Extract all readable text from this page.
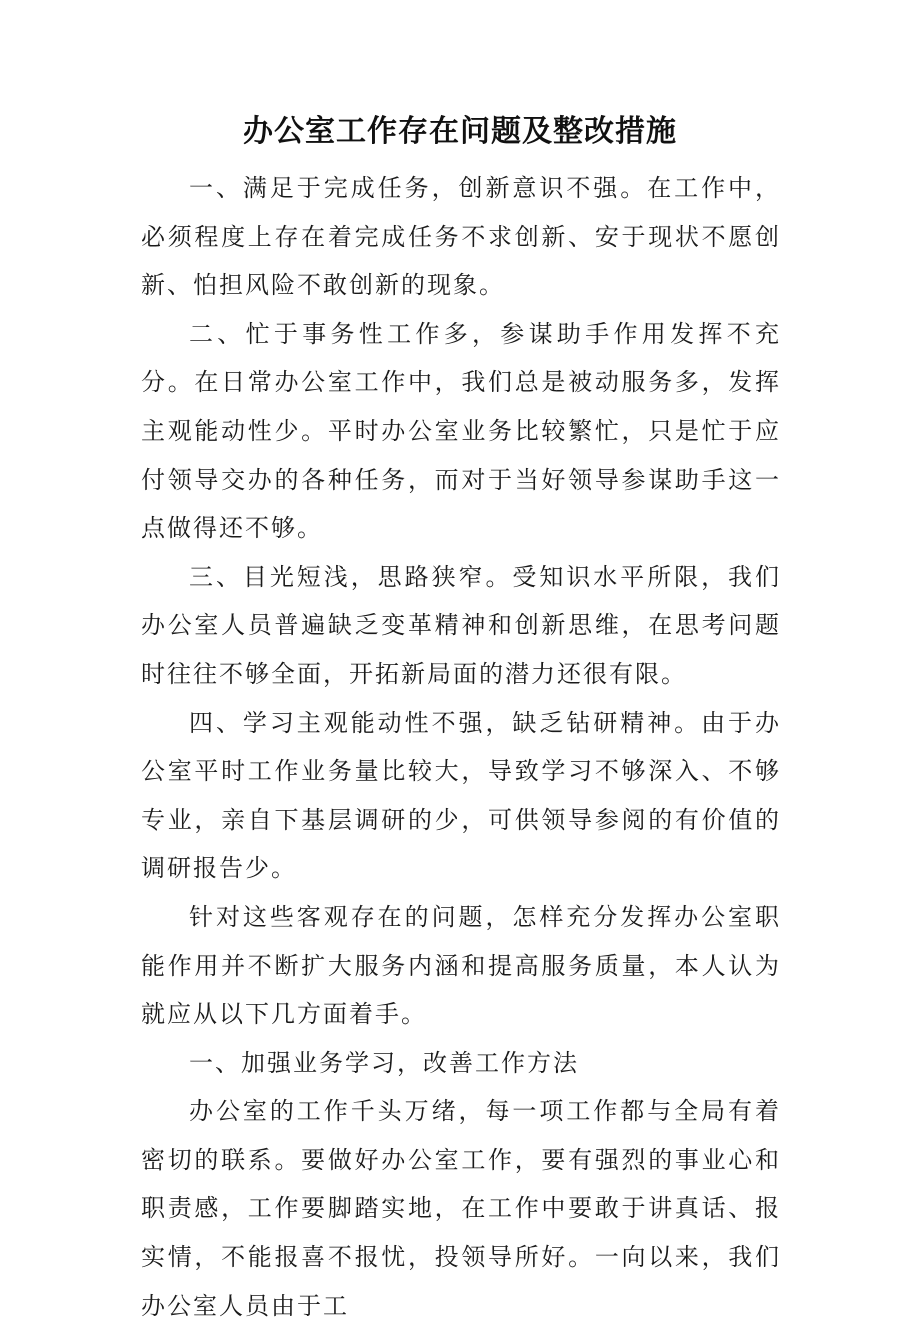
办公室工作存在问题及整改措施

一、满足于完成任务，创新意识不强。在工作中，必须程度上存在着完成任务不求创新、安于现状不愿创新、怕担风险不敢创新的现象。

二、忙于事务性工作多，参谋助手作用发挥不充分。在日常办公室工作中，我们总是被动服务多，发挥主观能动性少。平时办公室业务比较繁忙，只是忙于应付领导交办的各种任务，而对于当好领导参谋助手这一点做得还不够。

三、目光短浅，思路狭窄。受知识水平所限，我们办公室人员普遍缺乏变革精神和创新思维，在思考问题时往往不够全面，开拓新局面的潜力还很有限。

四、学习主观能动性不强，缺乏钻研精神。由于办公室平时工作业务量比较大，导致学习不够深入、不够专业，亲自下基层调研的少，可供领导参阅的有价值的调研报告少。

针对这些客观存在的问题，怎样充分发挥办公室职能作用并不断扩大服务内涵和提高服务质量，本人认为就应从以下几方面着手。

一、加强业务学习，改善工作方法

办公室的工作千头万绪，每一项工作都与全局有着密切的联系。要做好办公室工作，要有强烈的事业心和职责感，工作要脚踏实地，在工作中要敢于讲真话、报实情，不能报喜不报忧，投领导所好。一向以来，我们办公室人员由于工
